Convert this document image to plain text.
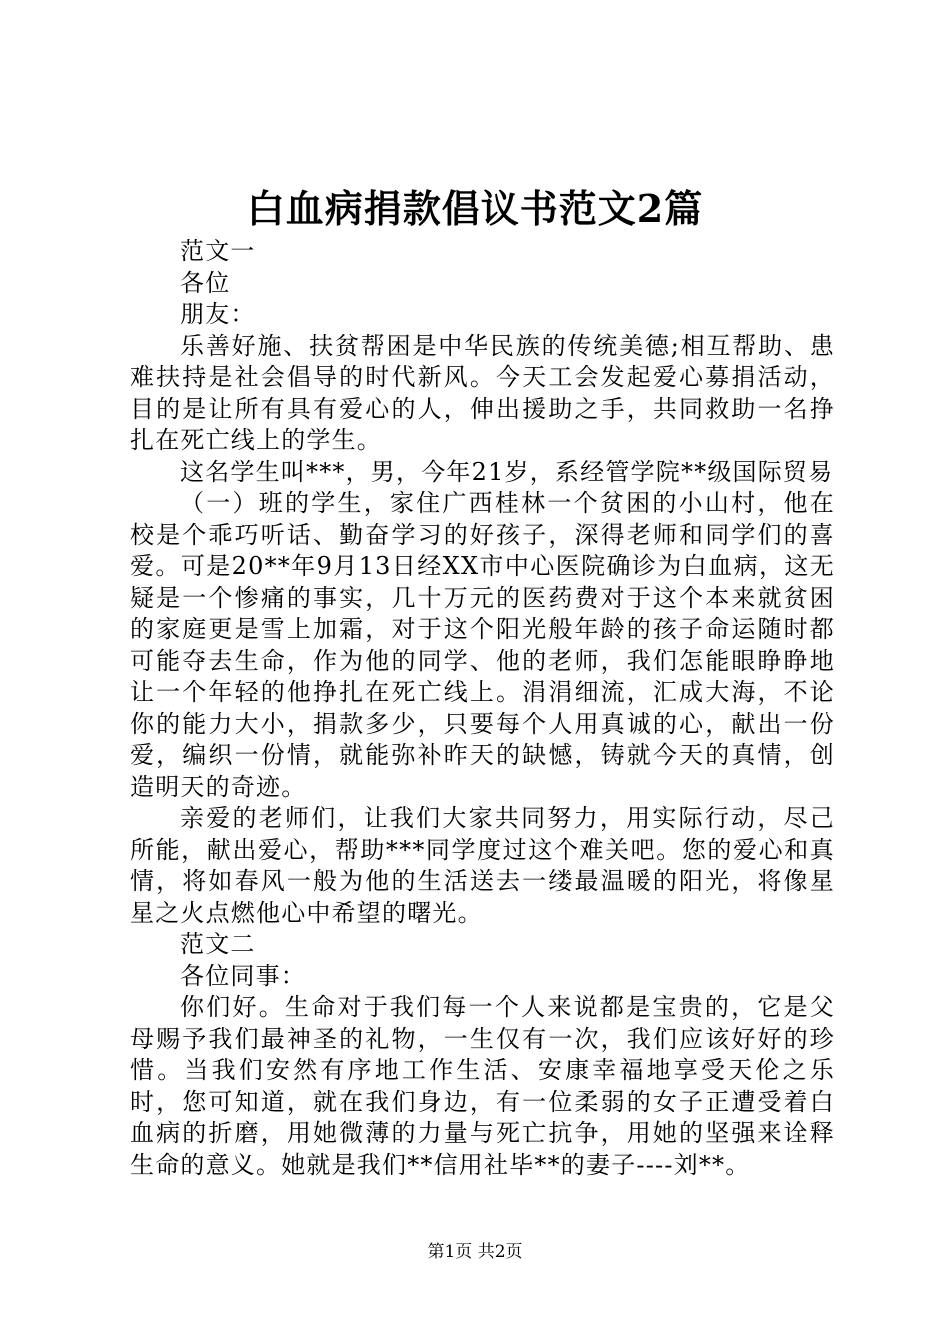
白血病捐款倡议书范文2篇

范文一

各位

朋友：

乐善好施、扶贫帮困是中华民族的传统美德;相互帮助、患难扶持是社会倡导的时代新风。今天工会发起爱心募捐活动，目的是让所有具有爱心的人，伸出援助之手，共同救助一名挣扎在死亡线上的学生。

这名学生叫***，男，今年21岁，系经管学院**级国际贸易

（一）班的学生，家住广西桂林一个贫困的小山村，他在校是个乖巧听话、勤奋学习的好孩子，深得老师和同学们的喜爱。可是20**年9月13日经XX市中心医院确诊为白血病，这无疑是一个惨痛的事实，几十万元的医药费对于这个本来就贫困的家庭更是雪上加霜，对于这个阳光般年龄的孩子命运随时都可能夺去生命，作为他的同学、他的老师，我们怎能眼睁睁地让一个年轻的他挣扎在死亡线上。涓涓细流，汇成大海，不论你的能力大小，捐款多少，只要每个人用真诚的心，献出一份爱，编织一份情，就能弥补昨天的缺憾，铸就今天的真情，创造明天的奇迹。

亲爱的老师们，让我们大家共同努力，用实际行动，尽己所能，献出爱心，帮助***同学度过这个难关吧。您的爱心和真情，将如春风一般为他的生活送去一缕最温暖的阳光，将像星星之火点燃他心中希望的曙光。

范文二

各位同事：

你们好。生命对于我们每一个人来说都是宝贵的，它是父母赐予我们最神圣的礼物，一生仅有一次，我们应该好好的珍惜。当我们安然有序地工作生活、安康幸福地享受天伦之乐时，您可知道，就在我们身边，有一位柔弱的女子正遭受着白血病的折磨，用她微薄的力量与死亡抗争，用她的坚强来诠释生命的意义。她就是我们**信用社毕**的妻子----刘**。

第1页 共2页
